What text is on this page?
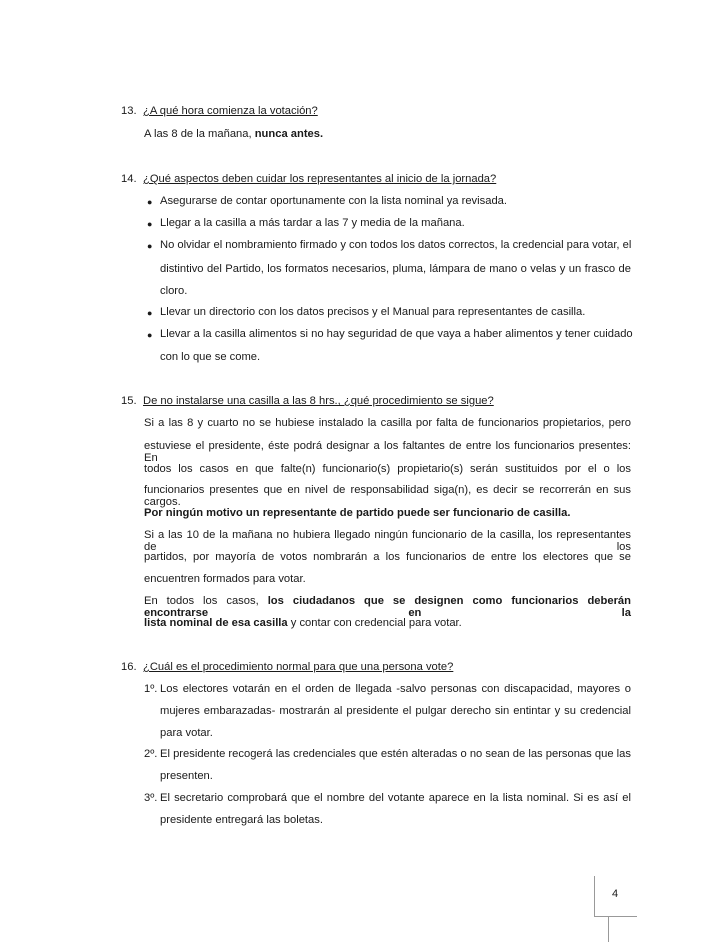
13. ¿A qué hora comienza la votación?
A las 8 de la mañana, nunca antes.
14. ¿Qué aspectos deben cuidar los representantes al inicio de la jornada?
● Asegurarse de contar oportunamente con la lista nominal ya revisada.
● Llegar a la casilla a más tardar a las 7 y media de la mañana.
● No olvidar el nombramiento firmado y con todos los datos correctos, la credencial para votar, el
distintivo del Partido, los formatos necesarios, pluma, lámpara de mano o velas y un frasco de
cloro.
● Llevar un directorio con los datos precisos y el Manual para representantes de casilla.
● Llevar a la casilla alimentos si no hay seguridad de que vaya a haber alimentos y tener cuidado
con lo que se come.
15. De no instalarse una casilla a las 8 hrs., ¿qué procedimiento se sigue?
Si a las 8 y cuarto no se hubiese instalado la casilla por falta de funcionarios propietarios, pero
estuviese el presidente, éste podrá designar a los faltantes de entre los funcionarios presentes: En
todos los casos en que falte(n) funcionario(s) propietario(s) serán sustituidos por el o los
funcionarios presentes que en nivel de responsabilidad siga(n), es decir se recorrerán en sus cargos.
Por ningún motivo un representante de partido puede ser funcionario de casilla.
Si a las 10 de la mañana no hubiera llegado ningún funcionario de la casilla, los representantes de los
partidos, por mayoría de votos nombrarán a los funcionarios de entre los electores que se
encuentren formados para votar.
En todos los casos, los ciudadanos que se designen como funcionarios deberán encontrarse en la
lista nominal de esa casilla y contar con credencial para votar.
16. ¿Cuál es el procedimiento normal para que una persona vote?
1º. Los electores votarán en el orden de llegada -salvo personas con discapacidad, mayores o
mujeres embarazadas- mostrarán al presidente el pulgar derecho sin entintar y su credencial
para votar.
2º. El presidente recogerá las credenciales que estén alteradas o no sean de las personas que las
presenten.
3º. El secretario comprobará que el nombre del votante aparece en la lista nominal. Si es así el
presidente entregará las boletas.
4
